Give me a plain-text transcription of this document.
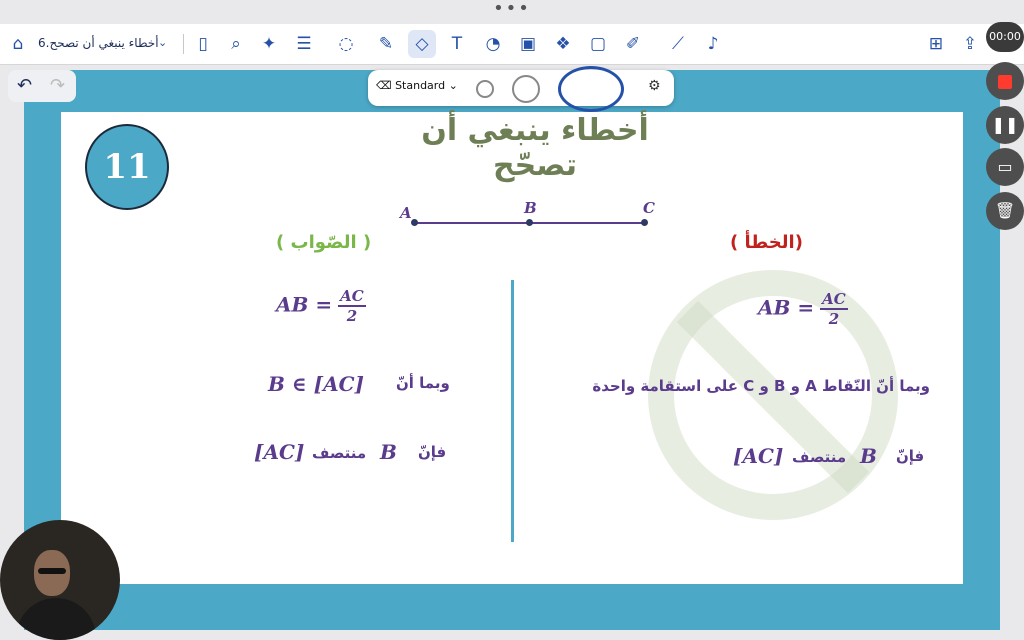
•••
⌂	أخطاء ينبغي أن تصحح.6 ⌄	▯	⌕	✦ ☰ ◌ ✎	◇	T	◔ ▣ ❖ ▢ ✐	⟋	♪	⊞ ⇪
↶ ↷	⌫ Standard ⌄	⚙
11
أخطاء ينبغي أن تصحّح
A	B	C
( الصّواب )	(الخطأ )
AB = $\frac{AC}{2}$
B ∈ [AC] وبما أنّ
[AC] منتصف B فإنّ
AB = $\frac{AC}{2}$
وبما أنّ النّقاط A و B و C على استقامة واحدة
[AC] منتصف B فإنّ
00:00
❚❚
▭
🗑
